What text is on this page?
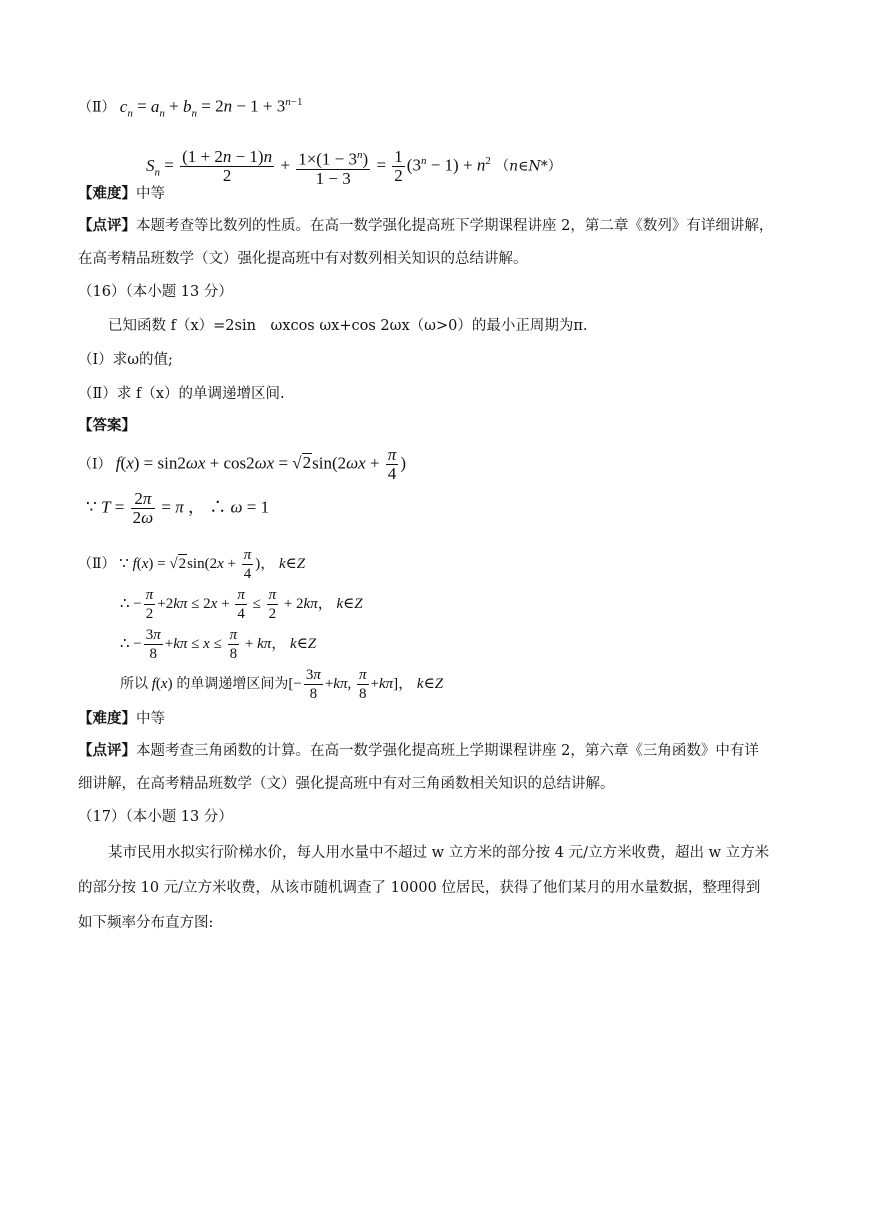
（Ⅱ） $c_n = a_n + b_n = 2n - 1 + 3^{n-1}$
$S_n = \frac{(1 + 2n - 1)n}{2} + \frac{1\times(1 - 3^n)}{1 - 3} = \frac{1}{2} (3^n - 1) + n^2$ （n∈N*）
【难度】中等
【点评】本题考查等比数列的性质。在高一数学强化提高班下学期课程讲座 2，第二章《数列》有详细讲解，
在高考精品班数学（文）强化提高班中有对数列相关知识的总结讲解。
（16）（本小题 13 分）
已知函数 f（x）=2sin　ωxcos ωx+cos 2ωx（ω>0）的最小正周期为π.
（Ⅰ）求ω的值;
（Ⅱ）求 f（x）的单调递增区间.
【答案】
（Ⅰ） $f(x) = \sin 2\omega x + \cos 2\omega x = √2\sin(2\omega x + \frac{\pi}{4}$ )
∵ $T = \frac{2\pi}{2\omega} = \pi$ ， ∴ ω = 1
（Ⅱ） ∵ $f(x) = √2\sin(2x + \frac{\pi}{4}$ )， k∈Z
∴ − $\frac{\pi}{2} +2k\pi \le 2x + \frac{\pi}{4} \le \frac{\pi}{2} + 2k\pi$， k∈Z
∴ − $\frac{3\pi}{8} +k\pi \le x \le \frac{\pi}{8} + k\pi$， k∈Z
所以 f(x) 的单调递增区间为[− $\frac{3\pi}{8} +k\pi$, $\frac{\pi}{8} +k\pi$]， k∈Z
【难度】中等
【点评】本题考查三角函数的计算。在高一数学强化提高班上学期课程讲座 2，第六章《三角函数》中有详
细讲解，在高考精品班数学（文）强化提高班中有对三角函数相关知识的总结讲解。
（17）（本小题 13 分）
某市民用水拟实行阶梯水价，每人用水量中不超过 w 立方米的部分按 4 元/立方米收费，超出 w 立方米
的部分按 10 元/立方米收费，从该市随机调查了 10000 位居民，获得了他们某月的用水量数据，整理得到
如下频率分布直方图:
